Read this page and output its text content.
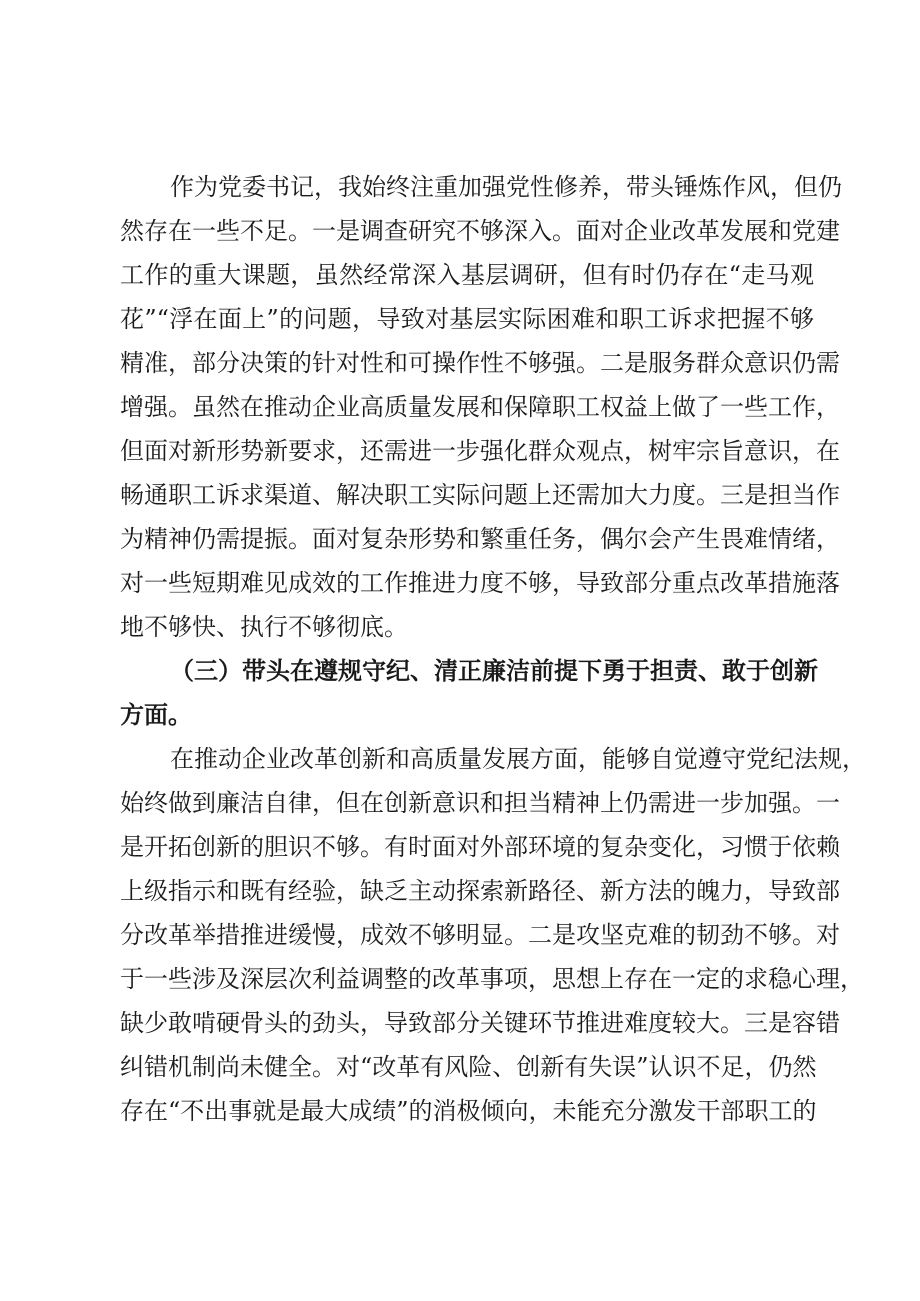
作为党委书记，我始终注重加强党性修养，带头锤炼作风，但仍
然存在一些不足。一是调查研究不够深入。面对企业改革发展和党建
工作的重大课题，虽然经常深入基层调研，但有时仍存在“走马观
花”“浮在面上”的问题，导致对基层实际困难和职工诉求把握不够
精准，部分决策的针对性和可操作性不够强。二是服务群众意识仍需
增强。虽然在推动企业高质量发展和保障职工权益上做了一些工作，
但面对新形势新要求，还需进一步强化群众观点，树牢宗旨意识，在
畅通职工诉求渠道、解决职工实际问题上还需加大力度。三是担当作
为精神仍需提振。面对复杂形势和繁重任务，偶尔会产生畏难情绪，
对一些短期难见成效的工作推进力度不够，导致部分重点改革措施落
地不够快、执行不够彻底。
（三）带头在遵规守纪、清正廉洁前提下勇于担责、敢于创新
方面。
在推动企业改革创新和高质量发展方面，能够自觉遵守党纪法规，
始终做到廉洁自律，但在创新意识和担当精神上仍需进一步加强。一
是开拓创新的胆识不够。有时面对外部环境的复杂变化，习惯于依赖
上级指示和既有经验，缺乏主动探索新路径、新方法的魄力，导致部
分改革举措推进缓慢，成效不够明显。二是攻坚克难的韧劲不够。对
于一些涉及深层次利益调整的改革事项，思想上存在一定的求稳心理，
缺少敢啃硬骨头的劲头，导致部分关键环节推进难度较大。三是容错
纠错机制尚未健全。对“改革有风险、创新有失误”认识不足，仍然
存在“不出事就是最大成绩”的消极倾向，未能充分激发干部职工的
